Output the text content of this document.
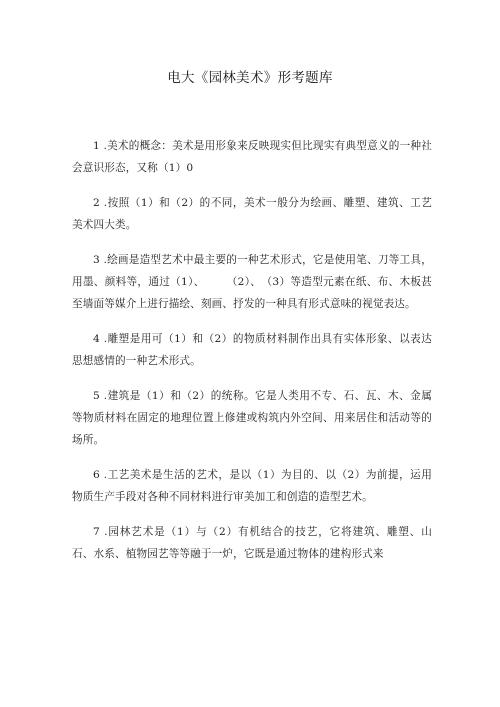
电大《园林美术》形考题库

1 .美术的概念：美术是用形象来反映现实但比现实有典型意义的一种社会意识形态，又称（1）0

2 .按照（1）和（2）的不同，美术一般分为绘画、雕塑、建筑、工艺美术四大类。

3 .绘画是造型艺术中最主要的一种艺术形式，它是使用笔、刀等工具，用墨、颜料等，通过（1）、　　　（2）、　（3）等造型元素在纸、布、木板甚至墙面等媒介上进行描绘、刻画、抒发的一种具有形式意味的视觉表达。

4 .雕塑是用可（1）和（2）的物质材料制作出具有实体形象、以表达思想感情的一种艺术形式。

5 .建筑是（1）和（2）的统称。它是人类用不专、石、瓦、木、金属等物质材料在固定的地理位置上修建或构筑内外空间、用来居住和活动等的场所。

6 .工艺美术是生活的艺术，是以（1）为目的、以（2）为前提，运用物质生产手段对各种不同材料进行审美加工和创造的造型艺术。

7 .园林艺术是（1）与（2）有机结合的技艺，它将建筑、雕塑、山石、水系、植物园艺等等融于一炉，它既是通过物体的建构形式来
